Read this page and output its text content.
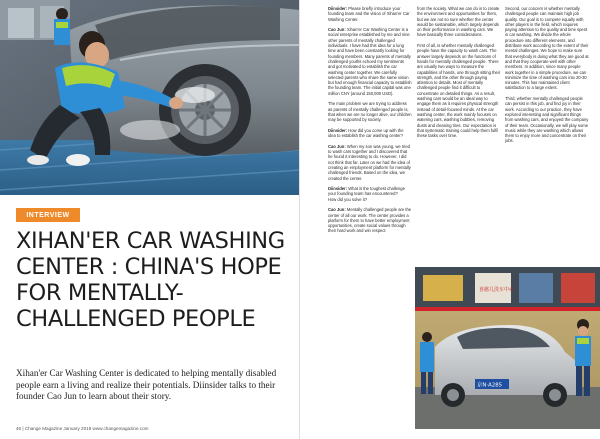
INTERVIEW
XIHAN'ER CAR WASHING CENTER : CHINA'S HOPE FOR MENTALLY-CHALLENGED PEOPLE

Xihan'er Car Washing Center is dedicated to helping mentally disabled people earn a living and realize their potentials. Diinsider talks to their founder Cao Jun to learn about their story.

46 | Change Magazine January 2018 www.changemagazine.com

Diinsider: Please briefly introduce your founding team and the vision of Xihan'er Car Washing Center.

Cao Jun: Xihan'er Car Washing Center is a social enterprise established by me and nine other parents of mentally challenged individuals. I have had this idea for a long time and have been constantly looking for founding members. Many parents of mentally challenged youths echoed my sentiments and got motivated to establish the car washing center together. We carefully selected parents who share the same vision but had enough financial capacity to establish the founding team. The initial capital was one million CNY (around 150,000 USD).

The main problem we are trying to address as parents of mentally challenged people is, that when we are no longer alive, our children may be supported by society.

Diinsider: How did you come up with the idea to establish the car washing center?

Cao Jun: When my son was young, we tried to wash cars together and I discovered that he found it interesting to do. However, I did not think that far. Later on we had the idea of creating an employment platform for mentally challenged friends. Based on the idea, we created the center.

Diinsider: What is the toughest challenge your founding team has encountered?

How did you solve it?

Cao Jun: Mentally challenged people are the center of all our work. The center provides a platform for them to have better employment opportunities, create social values through their hard work and win respect

from the society. What we can do is to create the environment and opportunities for them, but we are not so sure whether the center would be sustainable, which largely depends on their performance in washing cars. We have basically three considerations.

First of all, is whether mentally challenged people have the capacity to wash cars. The answer largely depends on the functions of hands for mentally challenged people. There are usually two ways to measure the capabilities of hands, one through sitting their strength, and the other through paying attention to details. Most of mentally challenged people find it difficult to concentrate on detailed things. As a result, washing cars would be an ideal way to engage them as it requires physical strength instead of detail-focused minds. At the car washing center, the work mainly focuses on watering cars, washing bubbles, removing dusts and cleaning tires. Our expectation is that systematic training could help them fulfil these tasks over time.

Second, our concern is whether mentally challenged people can maintain high job quality. Our goal is to compete equally with other players in the field, which requires paying attention to the quality and time spent in car washing. We divide the whole procedure into different elements, and distribute work according to the extent of their mental challenges. We hope to make sure that everybody is doing what they are good at and that they cooperate well with other members. In addition, since many people work together in a simple procedure, we can minimize the time of washing cars into 20-30 minutes. This has maintained client satisfaction to a large extent.

Third, whether mentally challenged people can persist in this job, and find joy in their work. According to our practice, they have explored interesting and significant things from washing cars, and enjoyed the company of their team. Occasionally, we will play some music while they are washing which allows them to enjoy more and concentrate on their jobs.

喜憨儿洗车中心
京N·A285
